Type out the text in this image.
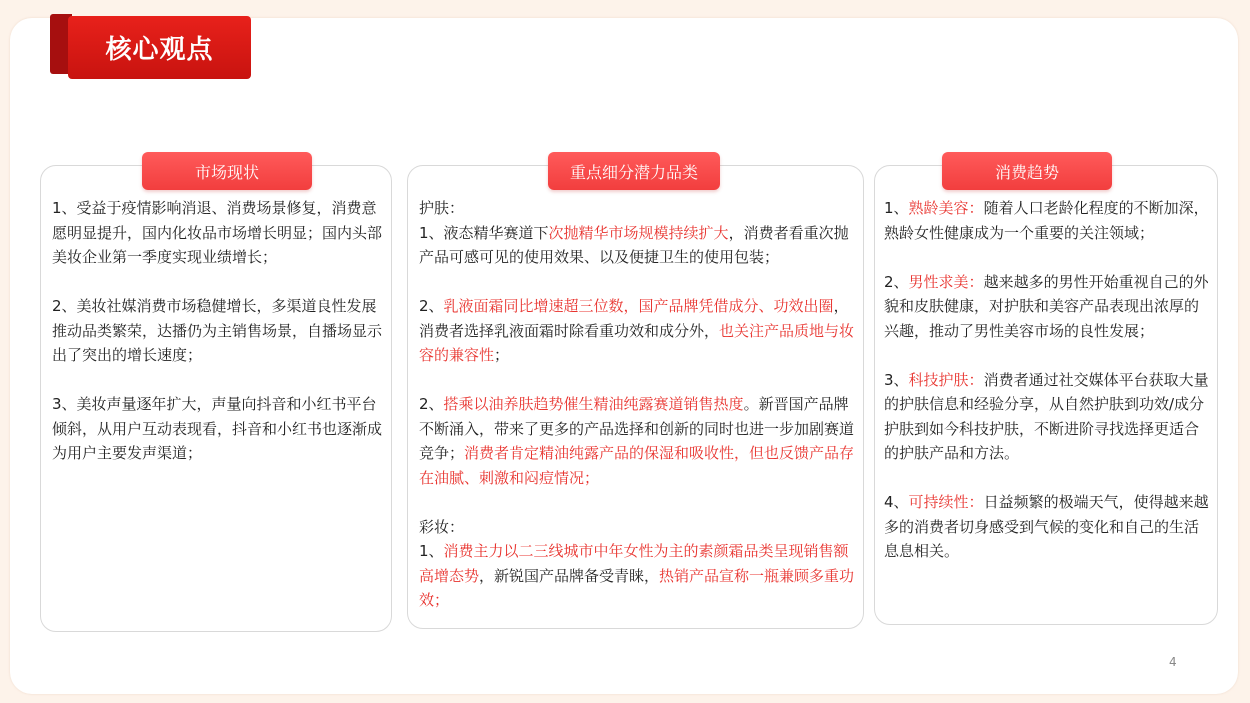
核心观点
市场现状

1、受益于疫情影响消退、消费场景修复，消费意愿明显提升，国内化妆品市场增长明显；国内头部美妆企业第一季度实现业绩增长；

2、美妆社媒消费市场稳健增长，多渠道良性发展推动品类繁荣，达播仍为主销售场景，自播场显示出了突出的增长速度；

3、美妆声量逐年扩大，声量向抖音和小红书平台倾斜，从用户互动表现看，抖音和小红书也逐渐成为用户主要发声渠道；

重点细分潜力品类
护肤：

1、液态精华赛道下次抛精华市场规模持续扩大，消费者看重次抛产品可感可见的使用效果、以及便捷卫生的使用包装；

2、乳液面霜同比增速超三位数，国产品牌凭借成分、功效出圈，消费者选择乳液面霜时除看重功效和成分外，也关注产品质地与妆容的兼容性；

2、搭乘以油养肤趋势催生精油纯露赛道销售热度。新晋国产品牌不断涌入，带来了更多的产品选择和创新的同时也进一步加剧赛道竞争；消费者肯定精油纯露产品的保湿和吸收性，但也反馈产品存在油腻、刺激和闷痘情况；

彩妆：

1、消费主力以二三线城市中年女性为主的素颜霜品类呈现销售额高增态势，新锐国产品牌备受青睐，热销产品宣称一瓶兼顾多重功效；

消费趋势

1、熟龄美容：随着人口老龄化程度的不断加深，熟龄女性健康成为一个重要的关注领域；

2、男性求美：越来越多的男性开始重视自己的外貌和皮肤健康，对护肤和美容产品表现出浓厚的兴趣，推动了男性美容市场的良性发展；

3、科技护肤：消费者通过社交媒体平台获取大量的护肤信息和经验分享，从自然护肤到功效/成分护肤到如今科技护肤，不断进阶寻找选择更适合的护肤产品和方法。

4、可持续性：日益频繁的极端天气，使得越来越多的消费者切身感受到气候的变化和自己的生活息息相关。

4
